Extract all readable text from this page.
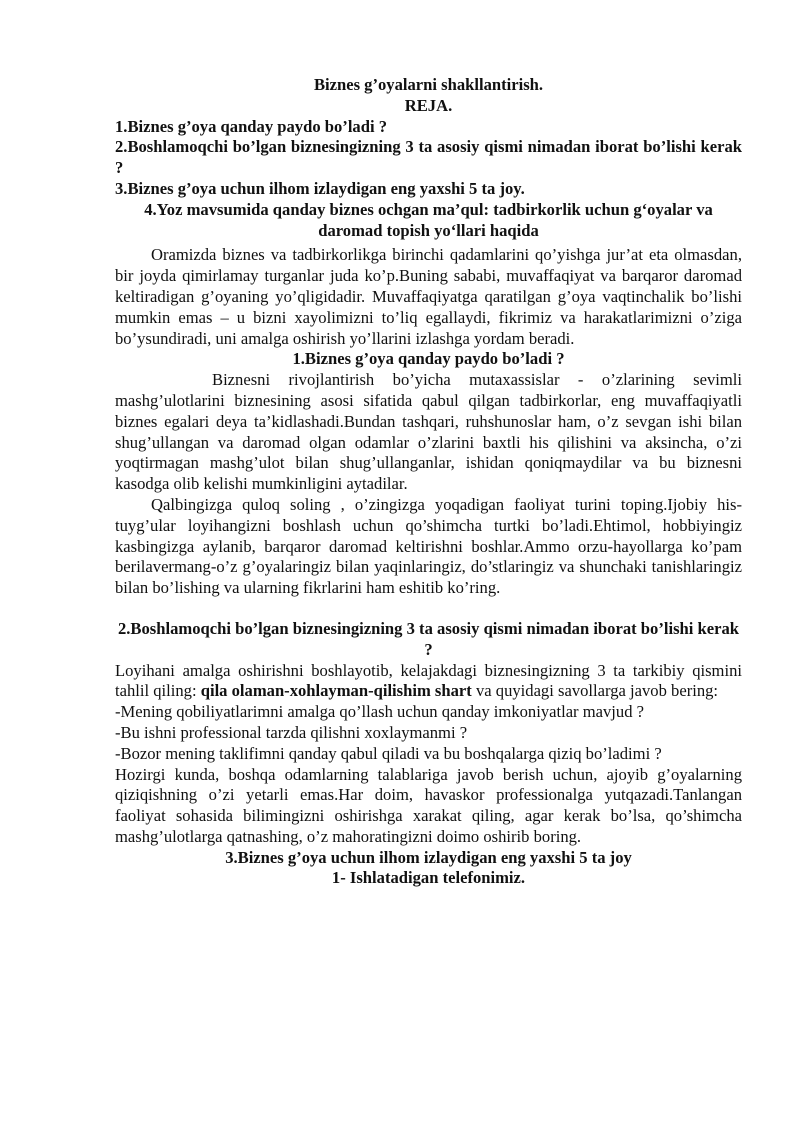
Biznes g’oyalarni shakllantirish.

REJA.

1.Biznes g’oya qanday paydo bo’ladi ?

2.Boshlamoqchi bo’lgan biznesingizning 3 ta asosiy qismi nimadan iborat bo’lishi kerak ?

3.Biznes g’oya uchun ilhom izlaydigan eng yaxshi 5 ta joy.

4.Yoz mavsumida qanday biznes ochgan ma’qul: tadbirkorlik uchun g‘oyalar va daromad topish yo‘llari haqida

Oramizda biznes va tadbirkorlikga birinchi qadamlarini qo’yishga jur’at eta olmasdan, bir joyda qimirlamay turganlar juda ko’p.Buning sababi, muvaffaqiyat va barqaror daromad keltiradigan g’oyaning yo’qligidadir. Muvaffaqiyatga qaratilgan g’oya vaqtinchalik bo’lishi mumkin emas – u bizni xayolimizni to’liq egallaydi, fikrimiz va harakatlarimizni o’ziga bo’ysundiradi, uni amalga oshirish yo’llarini izlashga yordam beradi.

1.Biznes g’oya qanday paydo bo’ladi ?

Biznesni rivojlantirish bo’yicha mutaxassislar - o’zlarining sevimli mashg’ulotlarini biznesining asosi sifatida qabul qilgan tadbirkorlar, eng muvaffaqiyatli biznes egalari deya ta’kidlashadi.Bundan tashqari, ruhshunoslar ham, o’z sevgan ishi bilan shug’ullangan va daromad olgan odamlar o’zlarini baxtli his qilishini va aksincha, o’zi yoqtirmagan mashg’ulot bilan shug’ullanganlar, ishidan qoniqmaydilar va bu biznesni kasodga olib kelishi mumkinligini aytadilar.

Qalbingizga quloq soling , o’zingizga yoqadigan faoliyat turini toping.Ijobiy his-tuyg’ular loyihangizni boshlash uchun qo’shimcha turtki bo’ladi.Ehtimol, hobbiyingiz kasbingizga aylanib, barqaror daromad keltirishni boshlar.Ammo orzu-hayollarga ko’pam berilavermang-o’z g’oyalaringiz bilan yaqinlaringiz, do’stlaringiz va shunchaki tanishlaringiz bilan bo’lishing va ularning fikrlarini ham eshitib ko’ring.

2.Boshlamoqchi bo’lgan biznesingizning 3 ta asosiy qismi nimadan iborat bo’lishi kerak ?

Loyihani amalga oshirishni boshlayotib, kelajakdagi biznesingizning 3 ta tarkibiy qismini tahlil qiling: qila olaman-xohlayman-qilishim shart va quyidagi savollarga javob bering:

-Mening qobiliyatlarimni amalga qo’llash uchun qanday imkoniyatlar mavjud ?

-Bu ishni professional tarzda qilishni xoxlaymanmi ?

-Bozor mening taklifimni qanday qabul qiladi va bu boshqalarga qiziq bo’ladimi ?

Hozirgi kunda, boshqa odamlarning talablariga javob berish uchun, ajoyib g’oyalarning qiziqishning o’zi yetarli emas.Har doim, havaskor professionalga yutqazadi.Tanlangan faoliyat sohasida bilimingizni oshirishga xarakat qiling, agar kerak bo’lsa, qo’shimcha mashg’ulotlarga qatnashing, o’z mahoratingizni doimo oshirib boring.

3.Biznes g’oya uchun ilhom izlaydigan eng yaxshi 5 ta joy

1- Ishlatadigan telefonimiz.
